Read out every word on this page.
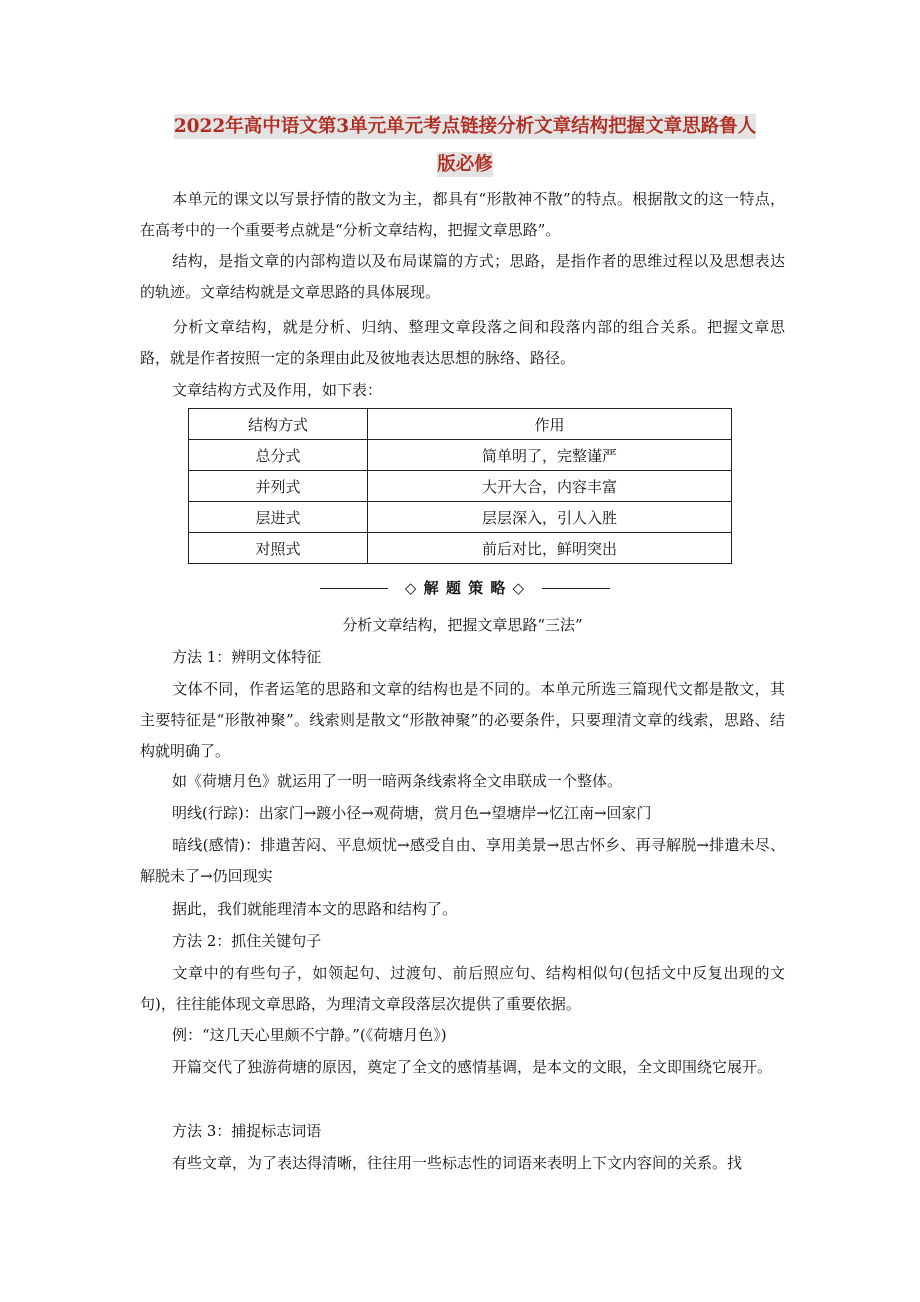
2022年高中语文第3单元单元考点链接分析文章结构把握文章思路鲁人
版必修
本单元的课文以写景抒情的散文为主，都具有“形散神不散”的特点。根据散文的这一特点，在高考中的一个重要考点就是“分析文章结构，把握文章思路”。
结构，是指文章的内部构造以及布局谋篇的方式；思路，是指作者的思维过程以及思想表达的轨迹。文章结构就是文章思路的具体展现。
分析文章结构，就是分析、归纳、整理文章段落之间和段落内部的组合关系。把握文章思路，就是作者按照一定的条理由此及彼地表达思想的脉络、路径。
文章结构方式及作用，如下表：
结构方式	作用
总分式	简单明了，完整谨严
并列式	大开大合，内容丰富
层进式	层层深入，引人入胜
对照式	前后对比，鲜明突出
◇ 解 题 策 略 ◇
分析文章结构，把握文章思路“三法”
方法 1：辨明文体特征
文体不同，作者运笔的思路和文章的结构也是不同的。本单元所选三篇现代文都是散文，其主要特征是“形散神聚”。线索则是散文“形散神聚”的必要条件，只要理清文章的线索，思路、结构就明确了。
如《荷塘月色》就运用了一明一暗两条线索将全文串联成一个整体。
明线(行踪)：出家门→踱小径→观荷塘，赏月色→望塘岸→忆江南→回家门
暗线(感情)：排遣苦闷、平息烦忧→感受自由、享用美景→思古怀乡、再寻解脱→排遣未尽、解脱未了→仍回现实
据此，我们就能理清本文的思路和结构了。
方法 2：抓住关键句子
文章中的有些句子，如领起句、过渡句、前后照应句、结构相似句(包括文中反复出现的文句)，往往能体现文章思路，为理清文章段落层次提供了重要依据。
例：“这几天心里颇不宁静。”(《荷塘月色》)
开篇交代了独游荷塘的原因，奠定了全文的感情基调，是本文的文眼，全文即围绕它展开。
方法 3：捕捉标志词语
有些文章，为了表达得清晰，往往用一些标志性的词语来表明上下文内容间的关系。找
